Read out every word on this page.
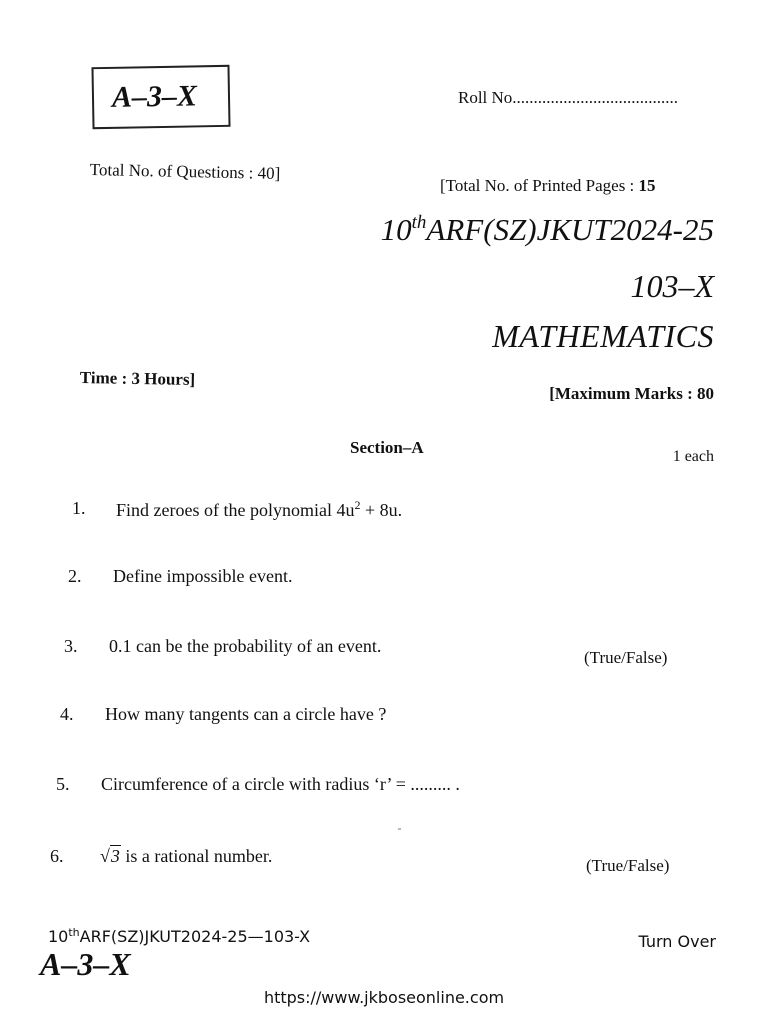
A–3–X	Roll No.......................................
Total No. of Questions : 40]
[Total No. of Printed Pages : 15
10thARF(SZ)JKUT2024-25
103–X
MATHEMATICS
Time : 3 Hours]
[Maximum Marks : 80
Section–A	1 each
1. Find zeroes of the polynomial $4u^2 + 8u$.
2. Define impossible event.
3. 0.1 can be the probability of an event.
(True/False)
4. How many tangents can a circle have ?
5. Circumference of a circle with radius ‘r’ = ......... .
6. √3 is a rational number.	(True/False)
10thARF(SZ)JKUT2024-25—103-X	Turn Over
A–3–X
https://www.jkboseonline.com
